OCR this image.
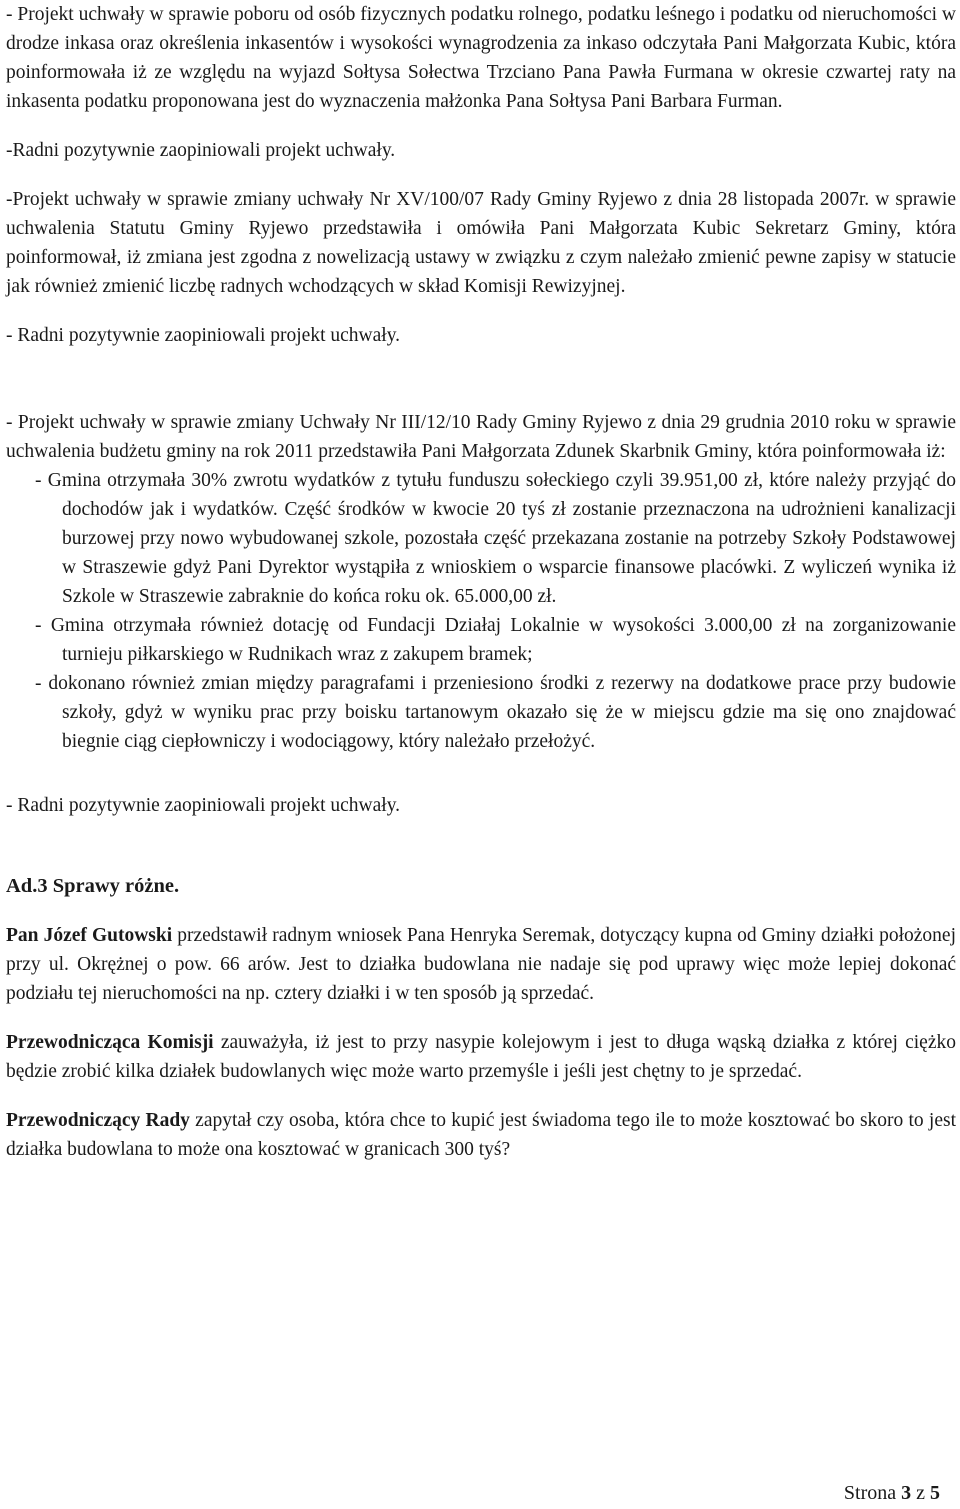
- Projekt uchwały w sprawie poboru od osób fizycznych podatku rolnego, podatku leśnego i podatku od nieruchomości w drodze inkasa oraz określenia inkasentów i wysokości wynagrodzenia za inkaso odczytała Pani Małgorzata Kubic, która poinformowała iż ze względu na wyjazd Sołtysa Sołectwa Trzciano Pana Pawła Furmana w okresie czwartej raty na inkasenta podatku proponowana jest do wyznaczenia małżonka Pana Sołtysa Pani Barbara Furman.

-Radni pozytywnie zaopiniowali projekt uchwały.

-Projekt uchwały w sprawie zmiany uchwały Nr XV/100/07 Rady Gminy Ryjewo z dnia 28 listopada 2007r. w sprawie uchwalenia Statutu Gminy Ryjewo przedstawiła i omówiła Pani Małgorzata Kubic Sekretarz Gminy, która poinformował, iż zmiana jest zgodna z nowelizacją ustawy w związku z czym należało zmienić pewne zapisy w statucie jak również zmienić liczbę radnych wchodzących w skład Komisji Rewizyjnej.

- Radni pozytywnie zaopiniowali projekt uchwały.

- Projekt uchwały w sprawie zmiany Uchwały Nr III/12/10 Rady Gminy Ryjewo z dnia 29 grudnia 2010 roku w sprawie uchwalenia budżetu gminy na rok 2011 przedstawiła Pani Małgorzata Zdunek Skarbnik Gminy, która poinformowała iż:

- Gmina otrzymała 30% zwrotu wydatków z tytułu funduszu sołeckiego czyli 39.951,00 zł, które należy przyjąć do dochodów jak i wydatków. Część środków w kwocie 20 tyś zł zostanie przeznaczona na udrożnieni kanalizacji burzowej przy nowo wybudowanej szkole, pozostała część przekazana zostanie na potrzeby Szkoły Podstawowej w Straszewie gdyż Pani Dyrektor wystąpiła z wnioskiem o wsparcie finansowe placówki. Z wyliczeń wynika iż Szkole w Straszewie zabraknie do końca roku ok. 65.000,00 zł.
- Gmina otrzymała również dotację od Fundacji Działaj Lokalnie w wysokości 3.000,00 zł na zorganizowanie turnieju piłkarskiego w Rudnikach wraz z zakupem bramek;
- dokonano również zmian między paragrafami i przeniesiono środki z rezerwy na dodatkowe prace przy budowie szkoły, gdyż w wyniku prac przy boisku tartanowym okazało się że w miejscu gdzie ma się ono znajdować biegnie ciąg ciepłowniczy i wodociągowy, który należało przełożyć.

- Radni pozytywnie zaopiniowali projekt uchwały.

Ad.3 Sprawy różne.

Pan Józef Gutowski przedstawił radnym wniosek Pana Henryka Seremak, dotyczący kupna od Gminy działki położonej przy ul. Okrężnej o pow. 66 arów. Jest to działka budowlana nie nadaje się pod uprawy więc może lepiej dokonać podziału tej nieruchomości na np. cztery działki i w ten sposób ją sprzedać.

Przewodnicząca Komisji zauważyła, iż jest to przy nasypie kolejowym i jest to długa wąską działka z której ciężko będzie zrobić kilka działek budowlanych więc może warto przemyśle i jeśli jest chętny to je sprzedać.

Przewodniczący Rady zapytał czy osoba, która chce to kupić jest świadoma tego ile to może kosztować bo skoro to jest działka budowlana to może ona kosztować w granicach 300 tyś?

Strona 3 z 5
